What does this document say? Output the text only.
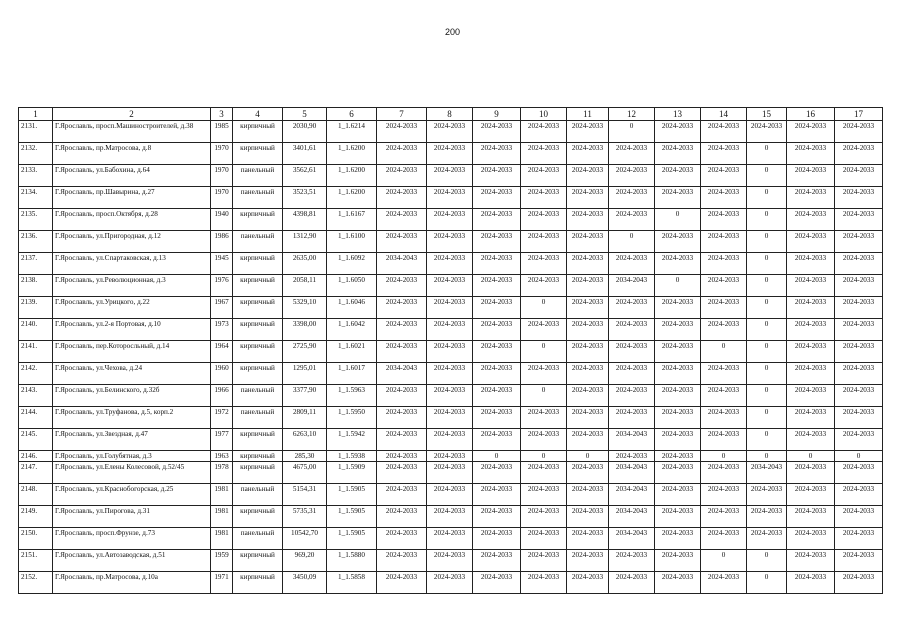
200
1	2	3	4	5	6	7	8	9	10	11	12	13	14	15	16	17
2131.	Г.Ярославль, просп.Машиностроителей, д.38	1985	кирпичный	2030,90	1_1.6214	2024-2033	2024-2033	2024-2033	2024-2033	2024-2033	0	2024-2033	2024-2033	2024-2033	2024-2033	2024-2033
2132.	Г.Ярославль, пр.Матросова, д.8	1970	кирпичный	3401,61	1_1.6200	2024-2033	2024-2033	2024-2033	2024-2033	2024-2033	2024-2033	2024-2033	2024-2033	0	2024-2033	2024-2033
2133.	Г.Ярославль, ул.Бабохина, д.64	1970	панельный	3562,61	1_1.6200	2024-2033	2024-2033	2024-2033	2024-2033	2024-2033	2024-2033	2024-2033	2024-2033	0	2024-2033	2024-2033
2134.	Г.Ярославль, пр.Шавырина, д.27	1970	панельный	3523,51	1_1.6200	2024-2033	2024-2033	2024-2033	2024-2033	2024-2033	2024-2033	2024-2033	2024-2033	0	2024-2033	2024-2033
2135.	Г.Ярославль, просп.Октября, д.28	1940	кирпичный	4398,81	1_1.6167	2024-2033	2024-2033	2024-2033	2024-2033	2024-2033	2024-2033	0	2024-2033	0	2024-2033	2024-2033
2136.	Г.Ярославль, ул.Пригородная, д.12	1986	панельный	1312,90	1_1.6100	2024-2033	2024-2033	2024-2033	2024-2033	2024-2033	0	2024-2033	2024-2033	0	2024-2033	2024-2033
2137.	Г.Ярославль, ул.Спартаковская, д.13	1945	кирпичный	2635,00	1_1.6092	2034-2043	2024-2033	2024-2033	2024-2033	2024-2033	2024-2033	2024-2033	2024-2033	0	2024-2033	2024-2033
2138.	Г.Ярославль, ул.Революционная, д.3	1976	кирпичный	2058,11	1_1.6050	2024-2033	2024-2033	2024-2033	2024-2033	2024-2033	2034-2043	0	2024-2033	0	2024-2033	2024-2033
2139.	Г.Ярославль, ул.Урицкого, д.22	1967	кирпичный	5329,10	1_1.6046	2024-2033	2024-2033	2024-2033	0	2024-2033	2024-2033	2024-2033	2024-2033	0	2024-2033	2024-2033
2140.	Г.Ярославль, ул.2-я Портовая, д.10	1973	кирпичный	3398,00	1_1.6042	2024-2033	2024-2033	2024-2033	2024-2033	2024-2033	2024-2033	2024-2033	2024-2033	0	2024-2033	2024-2033
2141.	Г.Ярославль, пер.Которосльный, д.14	1964	кирпичный	2725,90	1_1.6021	2024-2033	2024-2033	2024-2033	0	2024-2033	2024-2033	2024-2033	0	0	2024-2033	2024-2033
2142.	Г.Ярославль, ул.Чехова, д.24	1960	кирпичный	1295,01	1_1.6017	2034-2043	2024-2033	2024-2033	2024-2033	2024-2033	2024-2033	2024-2033	2024-2033	0	2024-2033	2024-2033
2143.	Г.Ярославль, ул.Белинского, д.32б	1966	панельный	3377,90	1_1.5963	2024-2033	2024-2033	2024-2033	0	2024-2033	2024-2033	2024-2033	2024-2033	0	2024-2033	2024-2033
2144.	Г.Ярославль, ул.Труфанова, д.5, корп.2	1972	панельный	2809,11	1_1.5950	2024-2033	2024-2033	2024-2033	2024-2033	2024-2033	2024-2033	2024-2033	2024-2033	0	2024-2033	2024-2033
2145.	Г.Ярославль, ул.Звездная, д.47	1977	кирпичный	6263,10	1_1.5942	2024-2033	2024-2033	2024-2033	2024-2033	2024-2033	2034-2043	2024-2033	2024-2033	0	2024-2033	2024-2033
2146.	Г.Ярославль, ул.Голубятная, д.3	1963	кирпичный	285,30	1_1.5938	2024-2033	2024-2033	0	0	0	2024-2033	2024-2033	0	0	0	0
2147.	Г.Ярославль, ул.Елены Колесовой, д.52/45	1978	кирпичный	4675,00	1_1.5909	2024-2033	2024-2033	2024-2033	2024-2033	2024-2033	2034-2043	2024-2033	2024-2033	2034-2043	2024-2033	2024-2033
2148.	Г.Ярославль, ул.Краснобогорская, д.25	1981	панельный	5154,31	1_1.5905	2024-2033	2024-2033	2024-2033	2024-2033	2024-2033	2034-2043	2024-2033	2024-2033	2024-2033	2024-2033	2024-2033
2149.	Г.Ярославль, ул.Пирогова, д.31	1981	кирпичный	5735,31	1_1.5905	2024-2033	2024-2033	2024-2033	2024-2033	2024-2033	2034-2043	2024-2033	2024-2033	2024-2033	2024-2033	2024-2033
2150.	Г.Ярославль, просп.Фрунзе, д.73	1981	панельный	10542,70	1_1.5905	2024-2033	2024-2033	2024-2033	2024-2033	2024-2033	2034-2043	2024-2033	2024-2033	2024-2033	2024-2033	2024-2033
2151.	Г.Ярославль, ул.Автозаводская, д.51	1959	кирпичный	969,20	1_1.5880	2024-2033	2024-2033	2024-2033	2024-2033	2024-2033	2024-2033	2024-2033	0	0	2024-2033	2024-2033
2152.	Г.Ярославль, пр.Матросова, д.10а	1971	кирпичный	3450,09	1_1.5858	2024-2033	2024-2033	2024-2033	2024-2033	2024-2033	2024-2033	2024-2033	2024-2033	0	2024-2033	2024-2033
